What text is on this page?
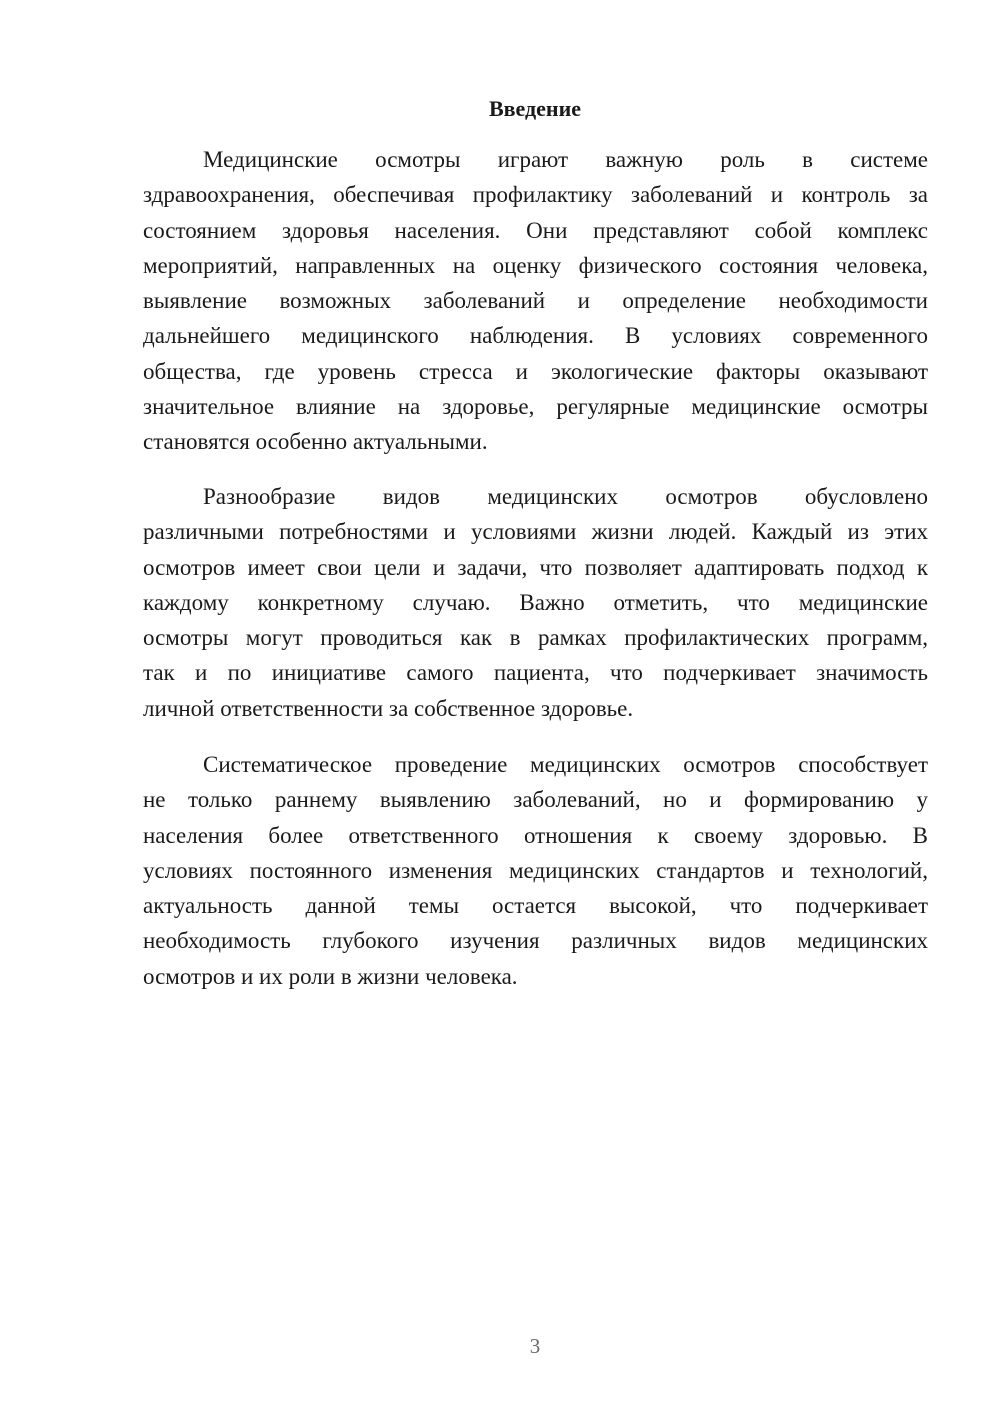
Введение
Медицинские осмотры играют важную роль в системе
здравоохранения, обеспечивая профилактику заболеваний и контроль за
состоянием здоровья населения. Они представляют собой комплекс
мероприятий, направленных на оценку физического состояния человека,
выявление возможных заболеваний и определение необходимости
дальнейшего медицинского наблюдения. В условиях современного
общества, где уровень стресса и экологические факторы оказывают
значительное влияние на здоровье, регулярные медицинские осмотры
становятся особенно актуальными.
Разнообразие видов медицинских осмотров обусловлено
различными потребностями и условиями жизни людей. Каждый из этих
осмотров имеет свои цели и задачи, что позволяет адаптировать подход к
каждому конкретному случаю. Важно отметить, что медицинские
осмотры могут проводиться как в рамках профилактических программ,
так и по инициативе самого пациента, что подчеркивает значимость
личной ответственности за собственное здоровье.
Систематическое проведение медицинских осмотров способствует
не только раннему выявлению заболеваний, но и формированию у
населения более ответственного отношения к своему здоровью. В
условиях постоянного изменения медицинских стандартов и технологий,
актуальность данной темы остается высокой, что подчеркивает
необходимость глубокого изучения различных видов медицинских
осмотров и их роли в жизни человека.
3
